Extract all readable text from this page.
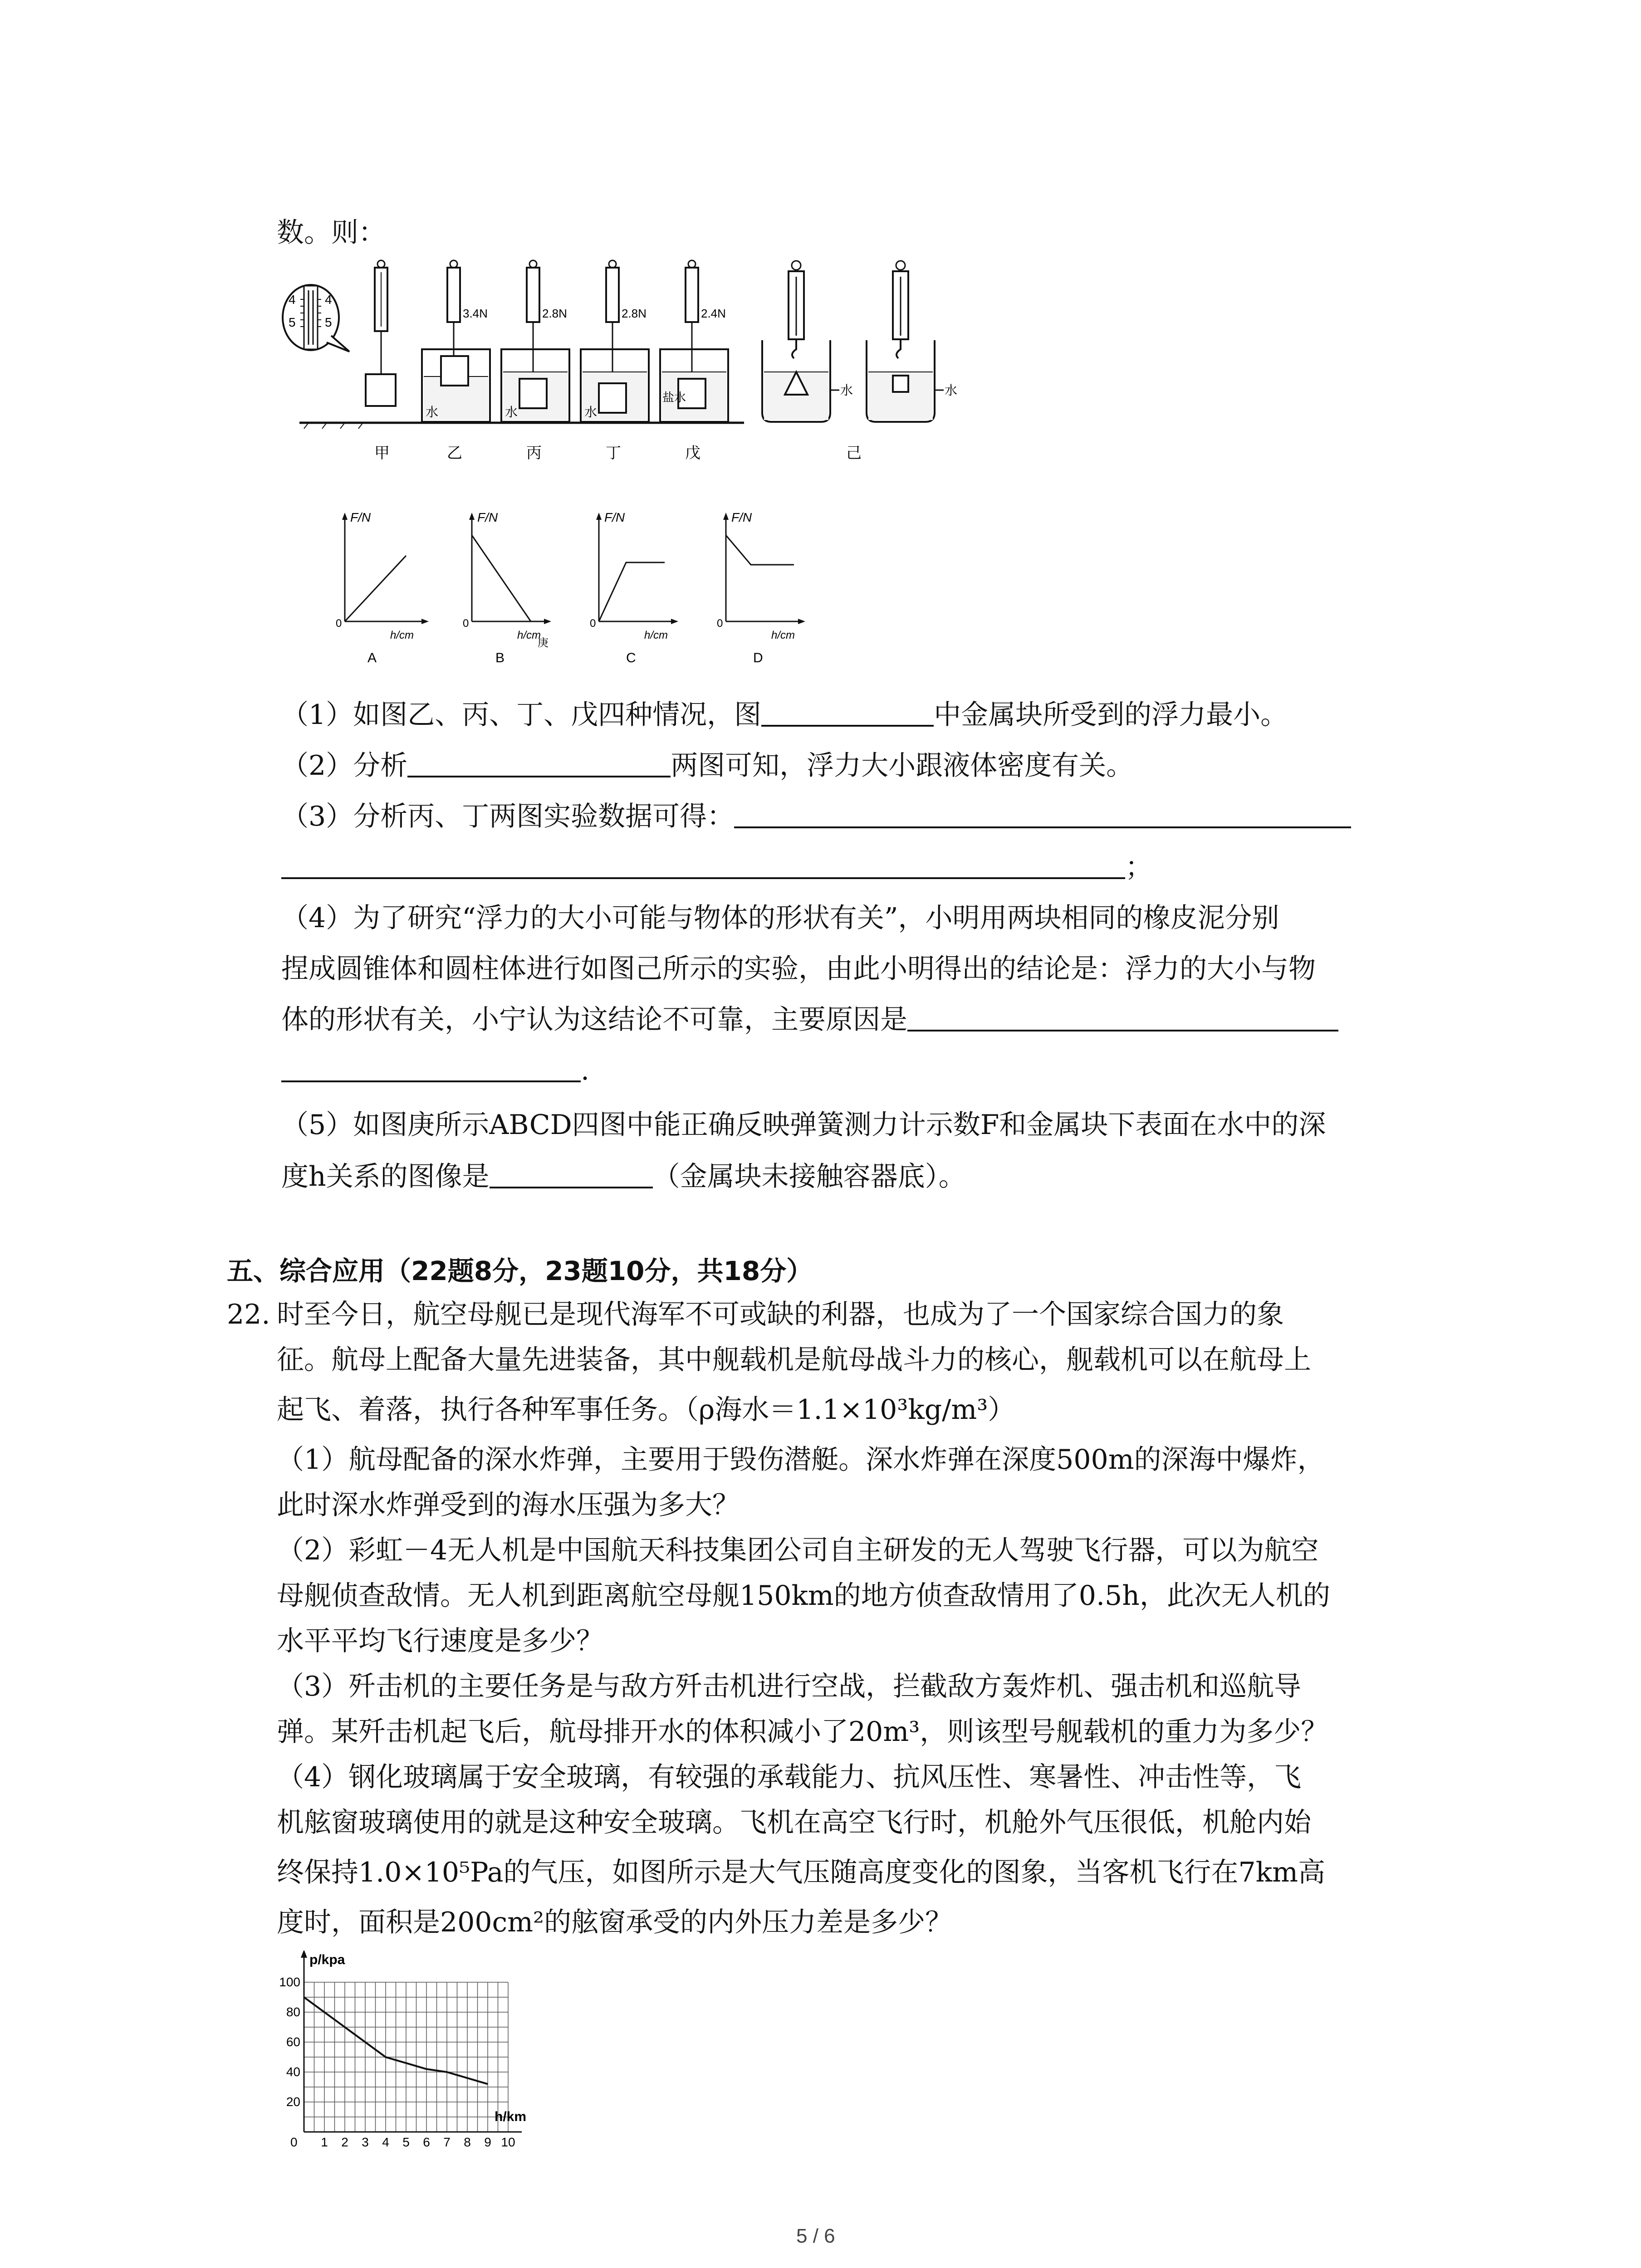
数。则：
4
5
4
5
3.4N
水
2.8N
水
2.8N
水
2.4N
盐水
甲	乙	丙	丁	戊
水	水
己
F/N
0
h/cm
A
F/N
0
h/cm
B
F/N
0
h/cm
C
F/N
0
h/cm
D
庚
（1）如图乙、丙、丁、戊四种情况，图	中金属块所受到的浮力最小。
（2）分析	两图可知，浮力大小跟液体密度有关。
（3）分析丙、丁两图实验数据可得：
；
（4）为了研究“浮力的大小可能与物体的形状有关”，小明用两块相同的橡皮泥分别
捏成圆锥体和圆柱体进行如图己所示的实验，由此小明得出的结论是：浮力的大小与物
体的形状有关，小宁认为这结论不可靠，主要原因是
.
（5）如图庚所示ABCD四图中能正确反映弹簧测力计示数F和金属块下表面在水中的深
度h关系的图像是	（金属块未接触容器底）。
五、综合应用（22题8分，23题10分，共18分）
22. 时至今日，航空母舰已是现代海军不可或缺的利器，也成为了一个国家综合国力的象
征。航母上配备大量先进装备，其中舰载机是航母战斗力的核心，舰载机可以在航母上
起飞、着落，执行各种军事任务。（ρ海水＝1.1×10³kg/m³）
（1）航母配备的深水炸弹，主要用于毁伤潜艇。深水炸弹在深度500m的深海中爆炸，
此时深水炸弹受到的海水压强为多大？
（2）彩虹－4无人机是中国航天科技集团公司自主研发的无人驾驶飞行器，可以为航空
母舰侦查敌情。无人机到距离航空母舰150km的地方侦查敌情用了0.5h，此次无人机的
水平平均飞行速度是多少？
（3）歼击机的主要任务是与敌方歼击机进行空战，拦截敌方轰炸机、强击机和巡航导
弹。某歼击机起飞后，航母排开水的体积减小了20m³，则该型号舰载机的重力为多少？
（4）钢化玻璃属于安全玻璃，有较强的承载能力、抗风压性、寒暑性、冲击性等，飞
机舷窗玻璃使用的就是这种安全玻璃。飞机在高空飞行时，机舱外气压很低，机舱内始
终保持1.0×10⁵Pa的气压，如图所示是大气压随高度变化的图象，当客机飞行在7km高
度时，面积是200cm²的舷窗承受的内外压力差是多少？
1 2 3 4 5 6 7 8 9 10
20
40
60
80
100
p/kpa
h/km
0
5 / 6
